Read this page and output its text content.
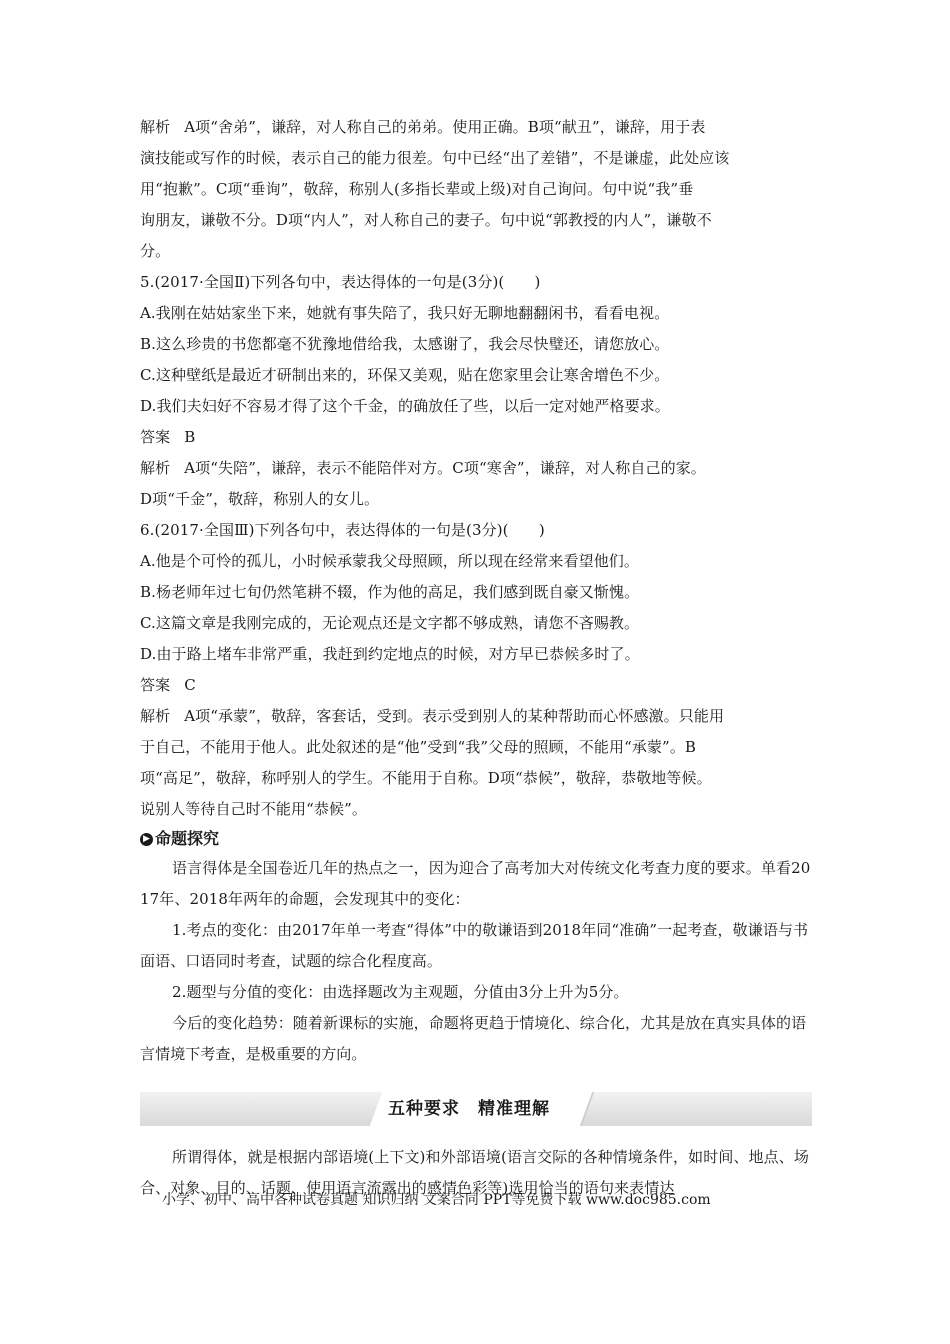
解析 A项“舍弟”，谦辞，对人称自己的弟弟。使用正确。B项“献丑”，谦辞，用于表
演技能或写作的时候，表示自己的能力很差。句中已经“出了差错”，不是谦虚，此处应该
用“抱歉”。C项“垂询”，敬辞，称别人(多指长辈或上级)对自己询问。句中说“我”垂
询朋友，谦敬不分。D项“内人”，对人称自己的妻子。句中说“郭教授的内人”，谦敬不
分。
5.(2017·全国Ⅱ)下列各句中，表达得体的一句是(3分)(　　)
A.我刚在姑姑家坐下来，她就有事失陪了，我只好无聊地翻翻闲书，看看电视。
B.这么珍贵的书您都毫不犹豫地借给我，太感谢了，我会尽快璧还，请您放心。
C.这种壁纸是最近才研制出来的，环保又美观，贴在您家里会让寒舍增色不少。
D.我们夫妇好不容易才得了这个千金，的确放任了些，以后一定对她严格要求。
答案 B
解析 A项“失陪”，谦辞，表示不能陪伴对方。C项“寒舍”，谦辞，对人称自己的家。
D项“千金”，敬辞，称别人的女儿。
6.(2017·全国Ⅲ)下列各句中，表达得体的一句是(3分)(　　)
A.他是个可怜的孤儿，小时候承蒙我父母照顾，所以现在经常来看望他们。
B.杨老师年过七旬仍然笔耕不辍，作为他的高足，我们感到既自豪又惭愧。
C.这篇文章是我刚完成的，无论观点还是文字都不够成熟，请您不吝赐教。
D.由于路上堵车非常严重，我赶到约定地点的时候，对方早已恭候多时了。
答案 C
解析 A项“承蒙”，敬辞，客套话，受到。表示受到别人的某种帮助而心怀感激。只能用
于自己，不能用于他人。此处叙述的是“他”受到“我”父母的照顾，不能用“承蒙”。B
项“高足”，敬辞，称呼别人的学生。不能用于自称。D项“恭候”，敬辞，恭敬地等候。
说别人等待自己时不能用“恭候”。
▶ 命题探究
语言得体是全国卷近几年的热点之一，因为迎合了高考加大对传统文化考查力度的要求。单看2017年、2018年两年的命题，会发现其中的变化：
1.考点的变化：由2017年单一考查“得体”中的敬谦语到2018年同“准确”一起考查，敬谦语与书面语、口语同时考查，试题的综合化程度高。
2.题型与分值的变化：由选择题改为主观题，分值由3分上升为5分。
今后的变化趋势：随着新课标的实施，命题将更趋于情境化、综合化，尤其是放在真实具体的语言情境下考查，是极重要的方向。
五种要求　精准理解
所谓得体，就是根据内部语境(上下文)和外部语境(语言交际的各种情境条件，如时间、地点、场合、对象、目的、话题、使用语言流露出的感情色彩等)选用恰当的语句来表情达
小学、初中、高中各种试卷真题 知识归纳 文案合同 PPT等免费下载 www.doc985.com
